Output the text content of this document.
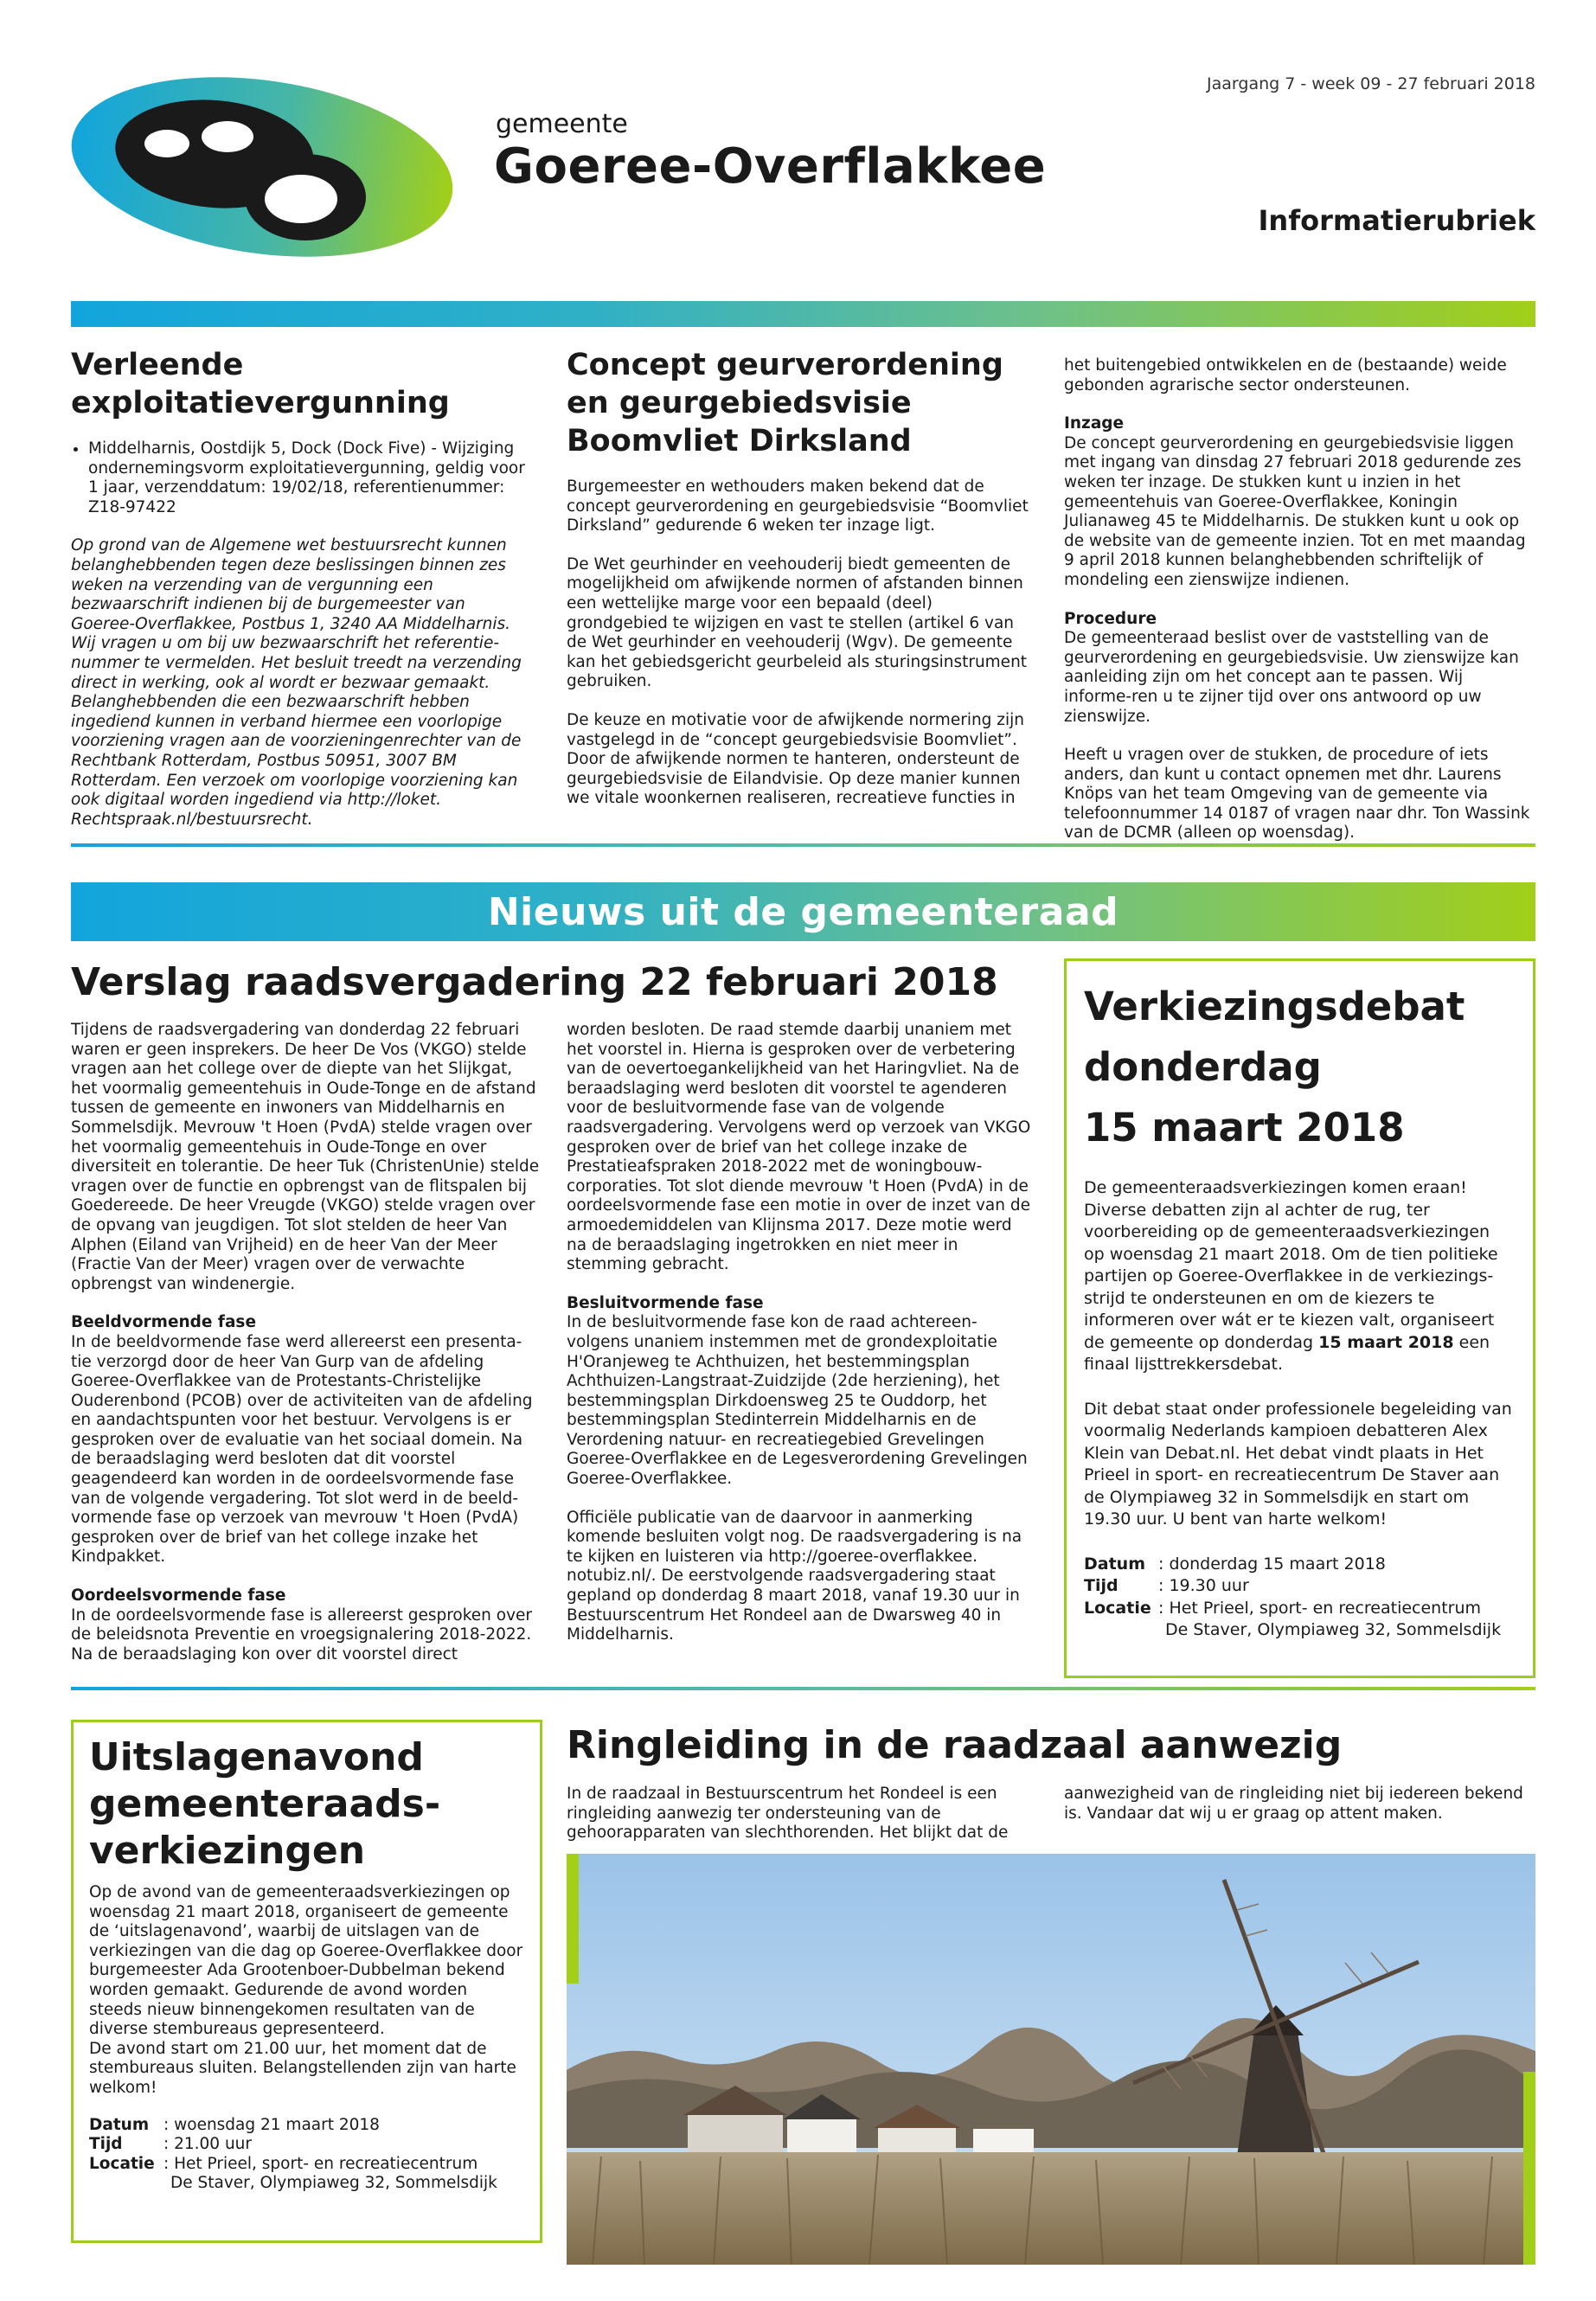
Jaargang 7 - week 09 - 27 februari 2018
gemeente
Goeree-Overflakkee
Informatierubriek
Verleende
exploitatievergunning
• Middelharnis, Oostdijk 5, Dock (Dock Five) - Wijziging ondernemingsvorm exploitatievergunning, geldig voor 1 jaar, verzenddatum: 19/02/18, referentienummer: Z18-97422
Op grond van de Algemene wet bestuursrecht kunnen belanghebbenden tegen deze beslissingen binnen zes weken na verzending van de vergunning een bezwaarschrift indienen bij de burgemeester van Goeree-Overflakkee, Postbus 1, 3240 AA Middelharnis. Wij vragen u om bij uw bezwaarschrift het referentie-nummer te vermelden. Het besluit treedt na verzending direct in werking, ook al wordt er bezwaar gemaakt. Belanghebbenden die een bezwaarschrift hebben ingediend kunnen in verband hiermee een voorlopige voorziening vragen aan de voorzieningenrechter van de Rechtbank Rotterdam, Postbus 50951, 3007 BM Rotterdam. Een verzoek om voorlopige voorziening kan ook digitaal worden ingediend via http://loket. Rechtspraak.nl/bestuursrecht.
Concept geurverordening en geurgebiedsvisie Boomvliet Dirksland

Burgemeester en wethouders maken bekend dat de concept geurverordening en geurgebiedsvisie “Boomvliet Dirksland” gedurende 6 weken ter inzage ligt.

De Wet geurhinder en veehouderij biedt gemeenten de mogelijkheid om afwijkende normen of afstanden binnen een wettelijke marge voor een bepaald (deel) grondgebied te wijzigen en vast te stellen (artikel 6 van de Wet geurhinder en veehouderij (Wgv). De gemeente kan het gebiedsgericht geurbeleid als sturingsinstrument gebruiken.

De keuze en motivatie voor de afwijkende normering zijn vastgelegd in de “concept geurgebiedsvisie Boomvliet”. Door de afwijkende normen te hanteren, ondersteunt de geurgebiedsvisie de Eilandvisie. Op deze manier kunnen we vitale woonkernen realiseren, recreatieve functies in

het buitengebied ontwikkelen en de (bestaande) weide gebonden agrarische sector ondersteunen.

Inzage

De concept geurverordening en geurgebiedsvisie liggen met ingang van dinsdag 27 februari 2018 gedurende zes weken ter inzage. De stukken kunt u inzien in het gemeentehuis van Goeree-Overflakkee, Koningin Julianaweg 45 te Middelharnis. De stukken kunt u ook op de website van de gemeente inzien. Tot en met maandag 9 april 2018 kunnen belanghebbenden schriftelijk of mondeling een zienswijze indienen.

Procedure

De gemeenteraad beslist over de vaststelling van de geurverordening en geurgebiedsvisie. Uw zienswijze kan aanleiding zijn om het concept aan te passen. Wij informe-ren u te zijner tijd over ons antwoord op uw zienswijze.

Heeft u vragen over de stukken, de procedure of iets anders, dan kunt u contact opnemen met dhr. Laurens Knöps van het team Omgeving van de gemeente via telefoonnummer 14 0187 of vragen naar dhr. Ton Wassink van de DCMR (alleen op woensdag).

Nieuws uit de gemeenteraad
Verslag raadsvergadering 22 februari 2018

Tijdens de raadsvergadering van donderdag 22 februari waren er geen insprekers. De heer De Vos (VKGO) stelde vragen aan het college over de diepte van het Slijkgat, het voormalig gemeentehuis in Oude-Tonge en de afstand tussen de gemeente en inwoners van Middelharnis en Sommelsdijk. Mevrouw 't Hoen (PvdA) stelde vragen over het voormalig gemeentehuis in Oude-Tonge en over diversiteit en tolerantie. De heer Tuk (ChristenUnie) stelde vragen over de functie en opbrengst van de flitspalen bij Goedereede. De heer Vreugde (VKGO) stelde vragen over de opvang van jeugdigen. Tot slot stelden de heer Van Alphen (Eiland van Vrijheid) en de heer Van der Meer (Fractie Van der Meer) vragen over de verwachte opbrengst van windenergie.

Beeldvormende fase

In de beeldvormende fase werd allereerst een presenta-tie verzorgd door de heer Van Gurp van de afdeling Goeree-Overflakkee van de Protestants-Christelijke Ouderenbond (PCOB) over de activiteiten van de afdeling en aandachtspunten voor het bestuur. Vervolgens is er gesproken over de evaluatie van het sociaal domein. Na de beraadslaging werd besloten dat dit voorstel geagendeerd kan worden in de oordeelsvormende fase van de volgende vergadering. Tot slot werd in de beeld-vormende fase op verzoek van mevrouw 't Hoen (PvdA) gesproken over de brief van het college inzake het Kindpakket.

Oordeelsvormende fase

In de oordeelsvormende fase is allereerst gesproken over de beleidsnota Preventie en vroegsignalering 2018-2022. Na de beraadslaging kon over dit voorstel direct

worden besloten. De raad stemde daarbij unaniem met het voorstel in. Hierna is gesproken over de verbetering van de oevertoegankelijkheid van het Haringvliet. Na de beraadslaging werd besloten dit voorstel te agenderen voor de besluitvormende fase van de volgende raadsvergadering. Vervolgens werd op verzoek van VKGO gesproken over de brief van het college inzake de Prestatieafspraken 2018-2022 met de woningbouw-corporaties. Tot slot diende mevrouw 't Hoen (PvdA) in de oordeelsvormende fase een motie in over de inzet van de armoedemiddelen van Klijnsma 2017. Deze motie werd na de beraadslaging ingetrokken en niet meer in stemming gebracht.

Besluitvormende fase

In de besluitvormende fase kon de raad achtereen-volgens unaniem instemmen met de grondexploitatie H'Oranjeweg te Achthuizen, het bestemmingsplan Achthuizen-Langstraat-Zuidzijde (2de herziening), het bestemmingsplan Dirkdoensweg 25 te Ouddorp, het bestemmingsplan Stedinterrein Middelharnis en de Verordening natuur- en recreatiegebied Grevelingen Goeree-Overflakkee en de Legesverordening Grevelingen Goeree-Overflakkee.

Officiële publicatie van de daarvoor in aanmerking komende besluiten volgt nog. De raadsvergadering is na te kijken en luisteren via http://goeree-overflakkee. notubiz.nl/. De eerstvolgende raadsvergadering staat gepland op donderdag 8 maart 2018, vanaf 19.30 uur in Bestuurscentrum Het Rondeel aan de Dwarsweg 40 in Middelharnis.

Verkiezingsdebat
donderdag
15 maart 2018

De gemeenteraadsverkiezingen komen eraan! Diverse debatten zijn al achter de rug, ter voorbereiding op de gemeenteraadsverkiezingen op woensdag 21 maart 2018. Om de tien politieke partijen op Goeree-Overflakkee in de verkiezings-strijd te ondersteunen en om de kiezers te informeren over wát er te kiezen valt, organiseert de gemeente op donderdag 15 maart 2018 een finaal lijsttrekkersdebat.

Dit debat staat onder professionele begeleiding van voormalig Nederlands kampioen debatteren Alex Klein van Debat.nl. Het debat vindt plaats in Het Prieel in sport- en recreatiecentrum De Staver aan de Olympiaweg 32 in Sommelsdijk en start om 19.30 uur. U bent van harte welkom!

Datum : donderdag 15 maart 2018
Tijd	: 19.30 uur
Locatie : Het Prieel, sport- en recreatiecentrum
De Staver, Olympiaweg 32, Sommelsdijk
Uitslagenavond
gemeenteraads-
verkiezingen

Op de avond van de gemeenteraadsverkiezingen op woensdag 21 maart 2018, organiseert de gemeente de ‘uitslagenavond’, waarbij de uitslagen van de verkiezingen van die dag op Goeree-Overflakkee door burgemeester Ada Grootenboer-Dubbelman bekend worden gemaakt. Gedurende de avond worden steeds nieuw binnengekomen resultaten van de diverse stembureaus gepresenteerd.

De avond start om 21.00 uur, het moment dat de stembureaus sluiten. Belangstellenden zijn van harte welkom!

Datum : woensdag 21 maart 2018
Tijd	: 21.00 uur
Locatie : Het Prieel, sport- en recreatiecentrum
De Staver, Olympiaweg 32, Sommelsdijk
Ringleiding in de raadzaal aanwezig
In de raadzaal in Bestuurscentrum het Rondeel is een ringleiding aanwezig ter ondersteuning van de gehoorapparaten van slechthorenden. Het blijkt dat de
aanwezigheid van de ringleiding niet bij iedereen bekend is. Vandaar dat wij u er graag op attent maken.
